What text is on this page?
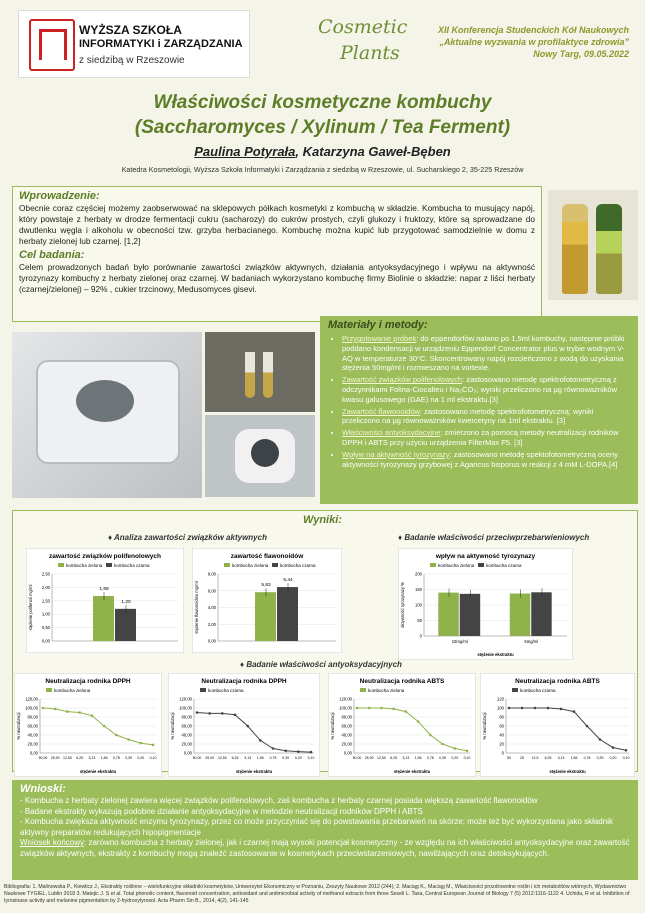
WYŻSZA SZKOŁA
INFORMATYKI i ZARZĄDZANIA
z siedzibą w Rzeszowie
Cosmetic
Plants
XII Konferencja Studenckich Kół Naukowych
„Aktualne wyzwania w profilaktyce zdrowia”
Nowy Targ, 09.05.2022
Właściwości kosmetyczne kombuchy
(Saccharomyces / Xylinum / Tea Ferment)
Paulina Potyrała, Katarzyna Gaweł-Bęben
Katedra Kosmetologii, Wyższa Szkoła Informatyki i Zarządzania z siedzibą w Rzeszowie, ul. Sucharskiego 2, 35-225 Rzeszów
Wprowadzenie:
Obecnie coraz częściej możemy zaobserwować na sklepowych półkach kosmetyki z kombuchą w składzie. Kombucha to musujący napój, który powstaje z herbaty w drodze fermentacji cukru (sacharozy) do cukrów prostych, czyli glukozy i fruktozy, które są sprowadzane do dwutlenku węgla i alkoholu w obecności tzw. grzyba herbacianego. Kombuchę można kupić lub przygotować samodzielnie w domu z herbaty zielonej lub czarnej. [1,2]
Cel badania:
Celem prowadzonych badań było porównanie zawartości związków aktywnych, działania antyoksydacyjnego i wpływu na aktywność tyrozynazy kombuchy z herbaty zielonej oraz czarnej. W badaniach wykorzystano kombuchę firmy Biolinie o składzie: napar z liści herbaty (czarnej/zielonej) – 92% , cukier trzcinowy, Medusomyces gisevi.
Materiały i metody:
• Przygotowanie próbek: do eppendorfów nalano po 1,5ml kombuchy, następnie próbki poddano kondensacji w urządzeniu Eppendorf Concentrator plus w trybie wodnym V-AQ w temperaturze 30°C. Skoncentrowany napój rozcieńczono z wodą do uzyskania stężenia 50mg/ml i rozmieszano na vortexie.
• Zawartość związków polifenolowych: zastosowano metodę spektrofotometryczną z odczynnikami Folina-Ciocalteu i Na₂CO₃; wyniki przeliczono na μg równoważników kwasu galusowego (GAE) na 1 ml ekstraktu.[3]
• Zawartość flawonoidów: zastosowano metodę spektrofotometryczną; wyniki przeliczono na μg równoważników kwercetyny na 1ml ekstraktu. [3]
• Właściwości antyoksydacyjne: zmierzono za pomocą metody neutralizacji rodników DPPH i ABTS przy użyciu urządzenia FilterMax F5. [3]
• Wpływ na aktywność tyrozynazy: zastosowano metodę spektofotometryczną oceny aktywności tyrozynazy grzybowej z Agaricus bisporus w reakcji z 4 mM L-DOPA.[4]
Wyniki:
♦ Analiza zawartości związków aktywnych	♦ Badanie właściwości przeciwprzebarwieniowych
♦ Badanie właściwości antyoksydacyjnych
zawartość związków polifenolowych
kombucha zielona	kombucha czarna
0,00
0,50
1,00
1,50
2,00
2,50
stężenie polifenoli mg/ml	1,68
1,20
zawartość flawonoidów
kombucha zielona	kombucha czarna
0,00
2,00
4,00
6,00
8,00
stężenie flawonoidów mg/ml	5,83
6,44
wpływ na aktywność tyrozynazy
kombucha zielona	kombucha czarna
0
50
100
150
200
aktywność tyrozynazy %
stężenie ekstraktu
10mg/ml	5mg/ml
Neutralizacja rodnika DPPH
kombucha zielona
0,00
20,00
40,00
60,00
80,00
100,00
120,00
% neutralizacji
stężenie ekstraktu
50,00 25,00 12,50 6,25 3,13 1,56 0,78 0,39 0,20 0,10
Neutralizacja rodnika DPPH
kombucha czarna
0,00
20,00
40,00
60,00
80,00
100,00
120,00
% neutralizacji
stężenie ekstraktu
50,00 25,00 12,50 6,25 3,13 1,56 0,78 0,39 0,20 0,10
Neutralizacja rodnika ABTS
kombucha zielona
0,00
20,00
40,00
60,00
80,00
100,00
120,00
% neutralizacji
stężenie ekstraktu
50,00 25,00 12,50 6,25 3,13 1,56 0,78 0,39 0,20 0,10
Neutralizacja rodnika ABTS
kombucha czarna
0
20
40
60
80
100
120
% neutralizacji
stężenie ekstraktu
50	25 12,5 6,25 3,13 1,56 0,78 0,39 0,20 0,10
Wnioski:
- Kombucha z herbaty zielonej zawiera więcej związków polifenolowych, zaś kombucha z herbaty czarnej posiada większą zawartość flawonoidów
- Badane ekstrakty wykazują podobne działanie antyoksydacyjne w metodzie neutralizacji rodników DPPH i ABTS
- Kombucha zwiększa aktywność enzymu tyrozynazy, przez co może przyczyniać się do powstawania przebarwień na skórze; może też być wykorzystana jako składnik aktywny preparatów redukujących hipopigmentacje
Wniosek końcowy: zarówno kombucha z herbaty zielonej, jak i czarnej mają wysoki potencjał kosmetyczny - ze względu na ich właściwości antyoksydacyjne oraz zawartość związków aktywnych, ekstrakty z kombuchy mogą znaleźć zastosowanie w kosmetykach przeciwstarzeniowych, nawilżających oraz detoksykujących.
Bibliografia: 1. Malinowska P., Kiewlicz J., Ekstrakty roślinne – wielofunkcyjne składniki kosmetyków, Uniwersytet Ekonomiczny w Poznaniu, Zeszyty Naukowe 2012 (244); 2. Maciąg K., Maciąg M., Właściwości prozdrowotne roślin i ich metabolitów wtórnych, Wydawnictwo Naukowe TYGIEL, Lublin 2018 3. Matejic J. S et al. Total phenolic content, flavonoid concentration, antioxidant and antimicrobial activity of methanol extracts from three Seseli L. Taxa, Central European Journal of Biology 7 (5) 2012:1116-1122 4. Uchida, R et al. Inhibition of tyrosinase activity and melanine pigmentation by 2-hydroxytyrosol. Acta Pharm Sin B., 2014, 4(2), 141-145
